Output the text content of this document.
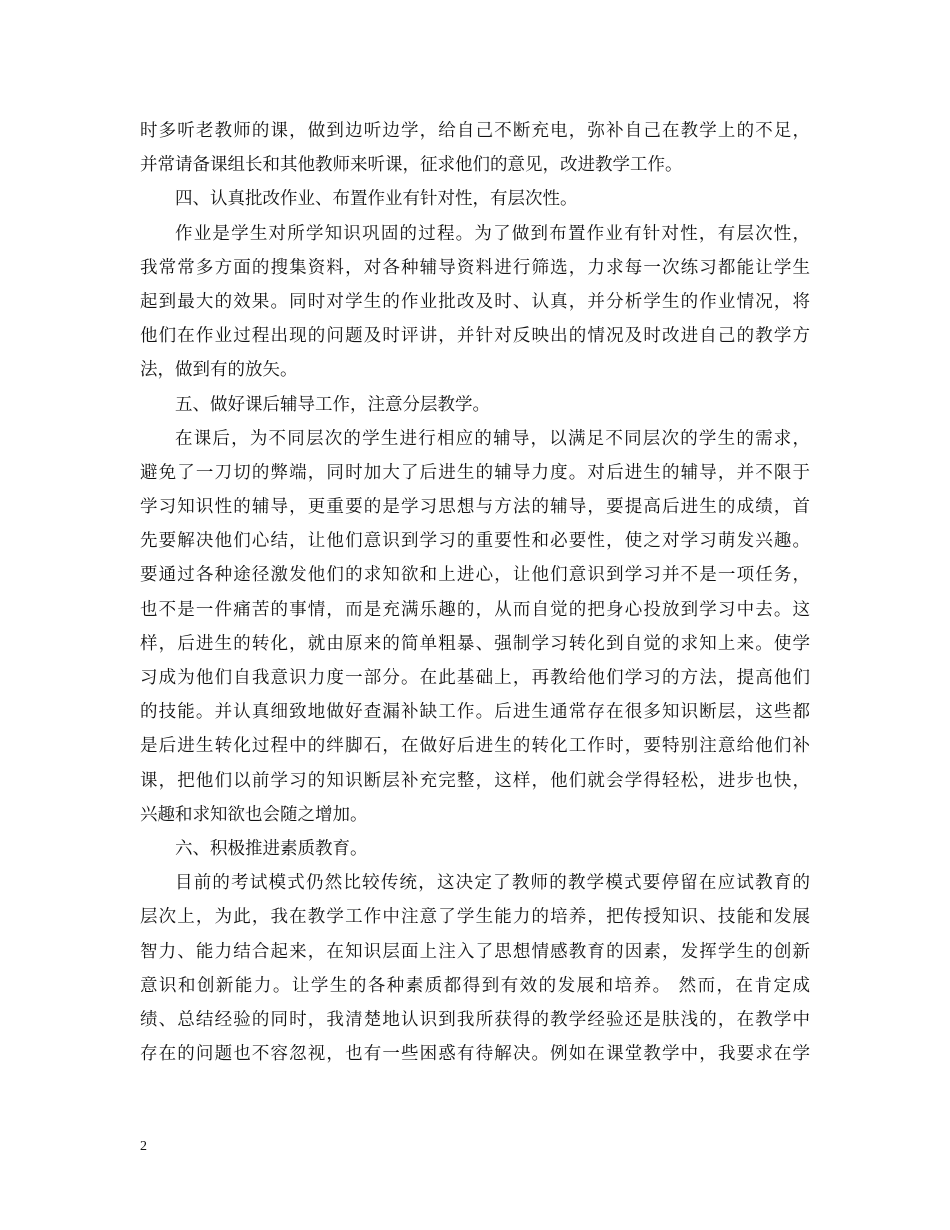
时多听老教师的课，做到边听边学，给自己不断充电，弥补自己在教学上的不足，
并常请备课组长和其他教师来听课，征求他们的意见，改进教学工作。
四、认真批改作业、布置作业有针对性，有层次性。
作业是学生对所学知识巩固的过程。为了做到布置作业有针对性，有层次性，
我常常多方面的搜集资料，对各种辅导资料进行筛选，力求每一次练习都能让学生
起到最大的效果。同时对学生的作业批改及时、认真，并分析学生的作业情况，将
他们在作业过程出现的问题及时评讲，并针对反映出的情况及时改进自己的教学方
法，做到有的放矢。
五、做好课后辅导工作，注意分层教学。
在课后，为不同层次的学生进行相应的辅导，以满足不同层次的学生的需求，
避免了一刀切的弊端，同时加大了后进生的辅导力度。对后进生的辅导，并不限于
学习知识性的辅导，更重要的是学习思想与方法的辅导，要提高后进生的成绩，首
先要解决他们心结，让他们意识到学习的重要性和必要性，使之对学习萌发兴趣。
要通过各种途径激发他们的求知欲和上进心，让他们意识到学习并不是一项任务，
也不是一件痛苦的事情，而是充满乐趣的，从而自觉的把身心投放到学习中去。这
样，后进生的转化，就由原来的简单粗暴、强制学习转化到自觉的求知上来。使学
习成为他们自我意识力度一部分。在此基础上，再教给他们学习的方法，提高他们
的技能。并认真细致地做好查漏补缺工作。后进生通常存在很多知识断层，这些都
是后进生转化过程中的绊脚石，在做好后进生的转化工作时，要特别注意给他们补
课，把他们以前学习的知识断层补充完整，这样，他们就会学得轻松，进步也快，
兴趣和求知欲也会随之增加。
六、积极推进素质教育。
目前的考试模式仍然比较传统，这决定了教师的教学模式要停留在应试教育的
层次上，为此，我在教学工作中注意了学生能力的培养，把传授知识、技能和发展
智力、能力结合起来，在知识层面上注入了思想情感教育的因素，发挥学生的创新
意识和创新能力。让学生的各种素质都得到有效的发展和培养。 然而，在肯定成
绩、总结经验的同时，我清楚地认识到我所获得的教学经验还是肤浅的，在教学中
存在的问题也不容忽视，也有一些困惑有待解决。例如在课堂教学中，我要求在学
2
